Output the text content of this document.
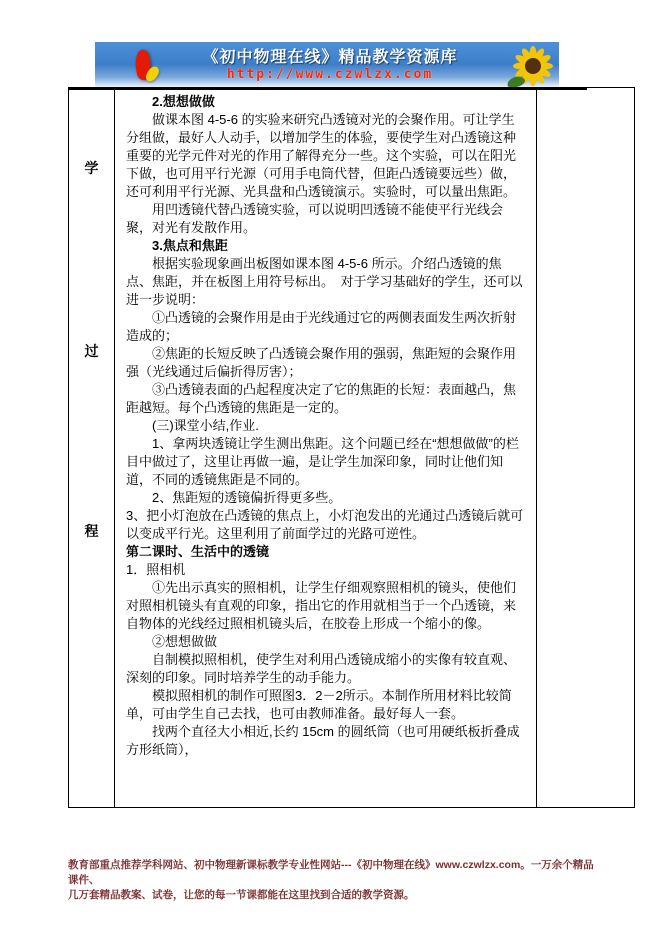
《初中物理在线》精品教学资源库
http://www.czwlzx.com
学
过
程

2.想想做做

做课本图 4-5-6 的实验来研究凸透镜对光的会聚作用。可让学生分组做，最好人人动手，以增加学生的体验，要使学生对凸透镜这种重要的光学元件对光的作用了解得充分一些。这个实验，可以在阳光下做，也可用平行光源（可用手电筒代替，但距凸透镜要远些）做，还可利用平行光源、光具盘和凸透镜演示。实验时，可以量出焦距。

用凹透镜代替凸透镜实验，可以说明凹透镜不能使平行光线会聚，对光有发散作用。

3.焦点和焦距

根据实验现象画出板图如课本图 4-5-6 所示。介绍凸透镜的焦点、焦距，并在板图上用符号标出。　对于学习基础好的学生，还可以进一步说明：

①凸透镜的会聚作用是由于光线通过它的两侧表面发生两次折射造成的；

②焦距的长短反映了凸透镜会聚作用的强弱，焦距短的会聚作用强（光线通过后偏折得厉害）；

③凸透镜表面的凸起程度决定了它的焦距的长短：表面越凸，焦距越短。每个凸透镜的焦距是一定的。

(三)课堂小结,作业.

1、拿两块透镜让学生测出焦距。这个问题已经在“想想做做”的栏目中做过了，这里让再做一遍，是让学生加深印象，同时让他们知道，不同的透镜焦距是不同的。

2、焦距短的透镜偏折得更多些。

3、把小灯泡放在凸透镜的焦点上，小灯泡发出的光通过凸透镜后就可以变成平行光。这里利用了前面学过的光路可逆性。

第二课时、生活中的透镜

1．照相机

①先出示真实的照相机，让学生仔细观察照相机的镜头，使他们对照相机镜头有直观的印象，指出它的作用就相当于一个凸透镜，来自物体的光线经过照相机镜头后，在胶卷上形成一个缩小的像。

②想想做做

自制模拟照相机，使学生对利用凸透镜成缩小的实像有较直观、深刻的印象。同时培养学生的动手能力。

模拟照相机的制作可照图3．2－2所示。本制作所用材料比较简单，可由学生自己去找，也可由教师准备。最好每人一套。

找两个直径大小相近,长约 15cm 的圆纸筒（也可用硬纸板折叠成方形纸筒），

教育部重点推荐学科网站、初中物理新课标教学专业性网站---《初中物理在线》www.czwlzx.com。一万余个精品课件、
几万套精品教案、试卷，让您的每一节课都能在这里找到合适的教学资源。
